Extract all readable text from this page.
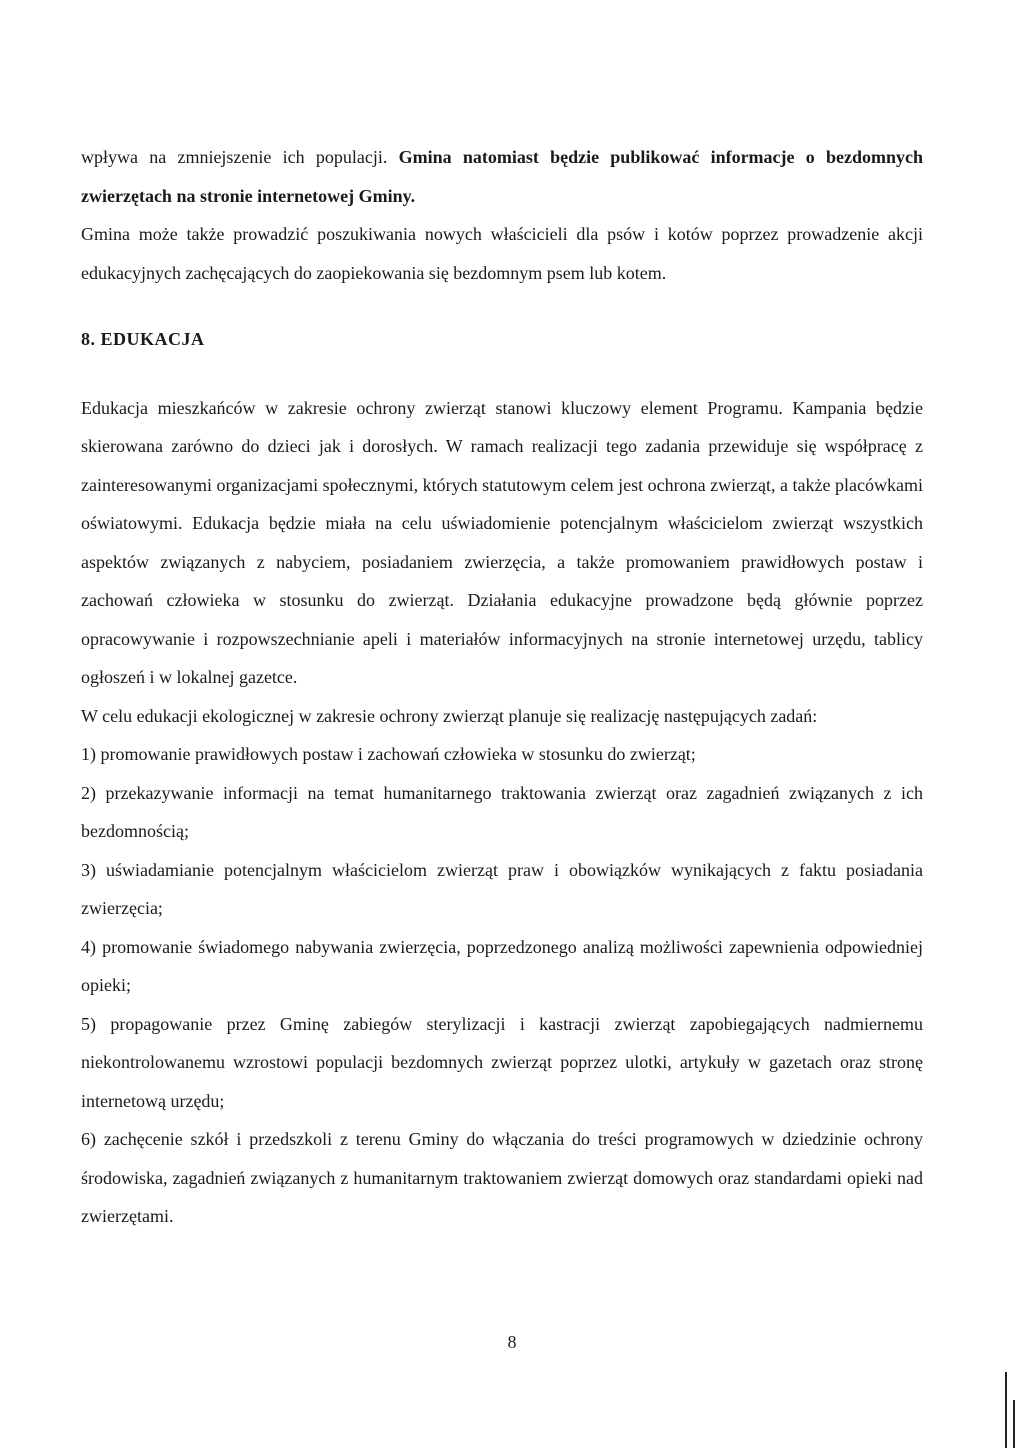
wpływa na zmniejszenie ich populacji. Gmina natomiast będzie publikować informacje o bezdomnych zwierzętach na stronie internetowej Gminy.

Gmina może także prowadzić poszukiwania nowych właścicieli dla psów i kotów poprzez prowadzenie akcji edukacyjnych zachęcających do zaopiekowania się bezdomnym psem lub kotem.

8. EDUKACJA

Edukacja mieszkańców w zakresie ochrony zwierząt stanowi kluczowy element Programu. Kampania będzie skierowana zarówno do dzieci jak i dorosłych. W ramach realizacji tego zadania przewiduje się współpracę z zainteresowanymi organizacjami społecznymi, których statutowym celem jest ochrona zwierząt, a także placówkami oświatowymi. Edukacja będzie miała na celu uświadomienie potencjalnym właścicielom zwierząt wszystkich aspektów związanych z nabyciem, posiadaniem zwierzęcia, a także promowaniem prawidłowych postaw i zachowań człowieka w stosunku do zwierząt. Działania edukacyjne prowadzone będą głównie poprzez opracowywanie i rozpowszechnianie apeli i materiałów informacyjnych na stronie internetowej urzędu, tablicy ogłoszeń i w lokalnej gazetce.

W celu edukacji ekologicznej w zakresie ochrony zwierząt planuje się realizację następujących zadań:

1) promowanie prawidłowych postaw i zachowań człowieka w stosunku do zwierząt;

2) przekazywanie informacji na temat humanitarnego traktowania zwierząt oraz zagadnień związanych z ich bezdomnością;

3) uświadamianie potencjalnym właścicielom zwierząt praw i obowiązków wynikających z faktu posiadania zwierzęcia;

4) promowanie świadomego nabywania zwierzęcia, poprzedzonego analizą możliwości zapewnienia odpowiedniej opieki;

5) propagowanie przez Gminę zabiegów sterylizacji i kastracji zwierząt zapobiegających nadmiernemu niekontrolowanemu wzrostowi populacji bezdomnych zwierząt poprzez ulotki, artykuły w gazetach oraz stronę internetową urzędu;

6) zachęcenie szkół i przedszkoli z terenu Gminy do włączania do treści programowych w dziedzinie ochrony środowiska, zagadnień związanych z humanitarnym traktowaniem zwierząt domowych oraz standardami opieki nad zwierzętami.

8
